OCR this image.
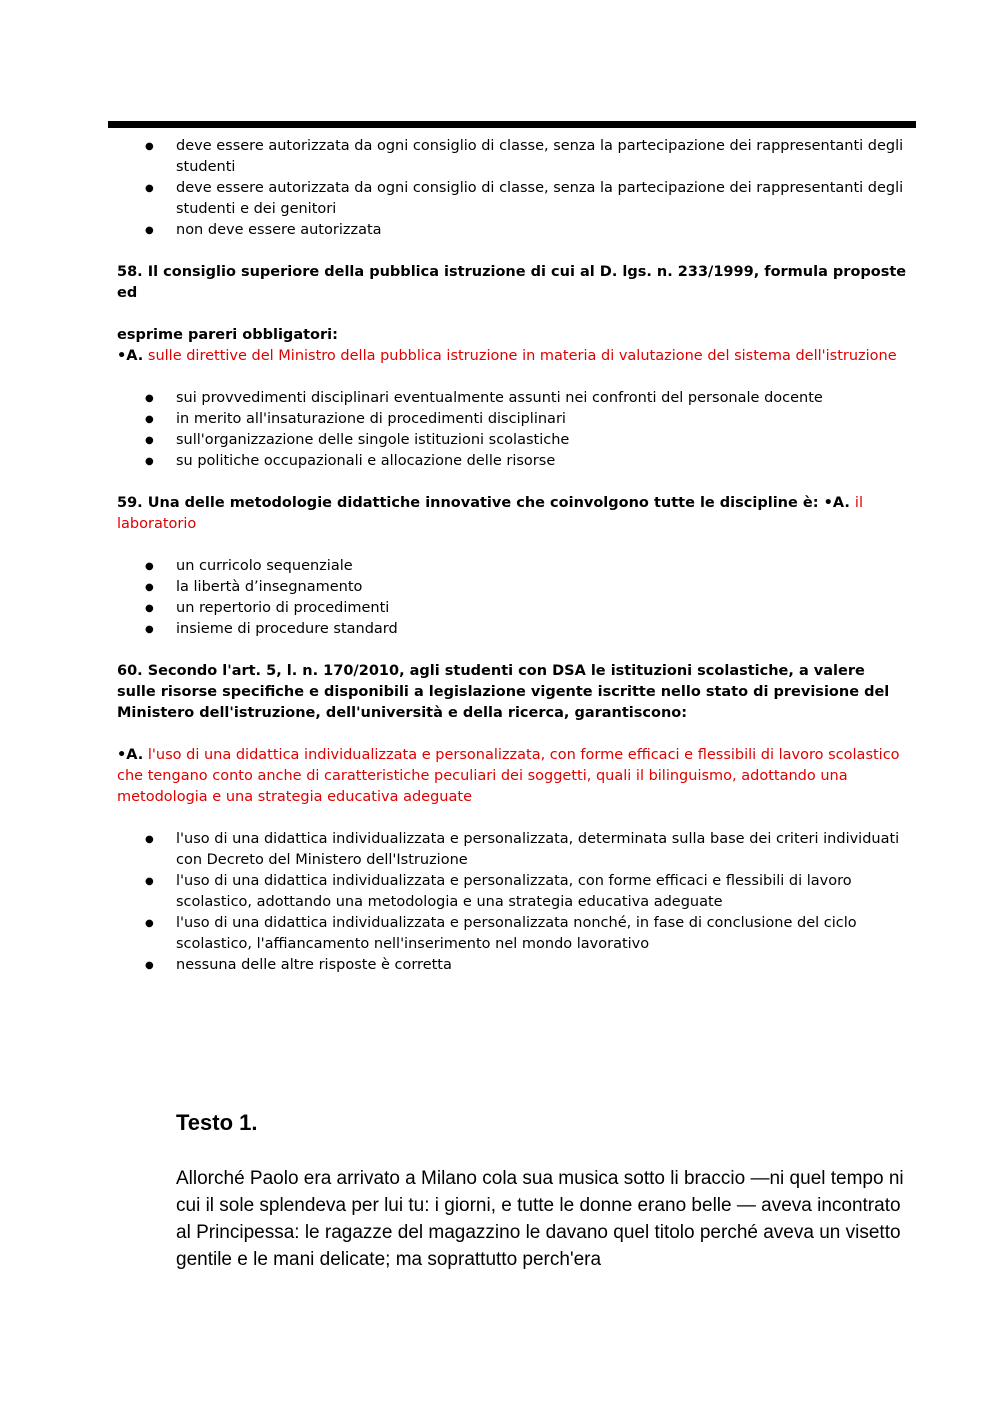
● deve essere autorizzata da ogni consiglio di classe, senza la partecipazione dei rappresentanti degli studenti
● deve essere autorizzata da ogni consiglio di classe, senza la partecipazione dei rappresentanti degli studenti e dei genitori
● non deve essere autorizzata

58. Il consiglio superiore della pubblica istruzione di cui al D. lgs. n. 233/1999, formula proposte ed

esprime pareri obbligatori:

•A. sulle direttive del Ministro della pubblica istruzione in materia di valutazione del sistema dell'istruzione

● sui provvedimenti disciplinari eventualmente assunti nei confronti del personale docente
● in merito all'insaturazione di procedimenti disciplinari
● sull'organizzazione delle singole istituzioni scolastiche
● su politiche occupazionali e allocazione delle risorse

59. Una delle metodologie didattiche innovative che coinvolgono tutte le discipline è: •A. il laboratorio

● un curricolo sequenziale
● la libertà d’insegnamento
● un repertorio di procedimenti
● insieme di procedure standard

60. Secondo l'art. 5, l. n. 170/2010, agli studenti con DSA le istituzioni scolastiche, a valere sulle risorse specifiche e disponibili a legislazione vigente iscritte nello stato di previsione del Ministero dell'istruzione, dell'università e della ricerca, garantiscono:

•A. l'uso di una didattica individualizzata e personalizzata, con forme efficaci e flessibili di lavoro scolastico che tengano conto anche di caratteristiche peculiari dei soggetti, quali il bilinguismo, adottando una metodologia e una strategia educativa adeguate

● l'uso di una didattica individualizzata e personalizzata, determinata sulla base dei criteri individuati con Decreto del Ministero dell'Istruzione
● l'uso di una didattica individualizzata e personalizzata, con forme efficaci e flessibili di lavoro scolastico, adottando una metodologia e una strategia educativa adeguate
● l'uso di una didattica individualizzata e personalizzata nonché, in fase di conclusione del ciclo scolastico, l'affiancamento nell'inserimento nel mondo lavorativo
● nessuna delle altre risposte è corretta
Testo 1.

Allorché Paolo era arrivato a Milano cola sua musica sotto li braccio —ni quel tempo ni cui il sole splendeva per lui tu: i giorni, e tutte le donne erano belle — aveva incontrato al Principessa: le ragazze del magazzino le davano quel titolo perché aveva un visetto gentile e le mani delicate; ma soprattutto perch'era
